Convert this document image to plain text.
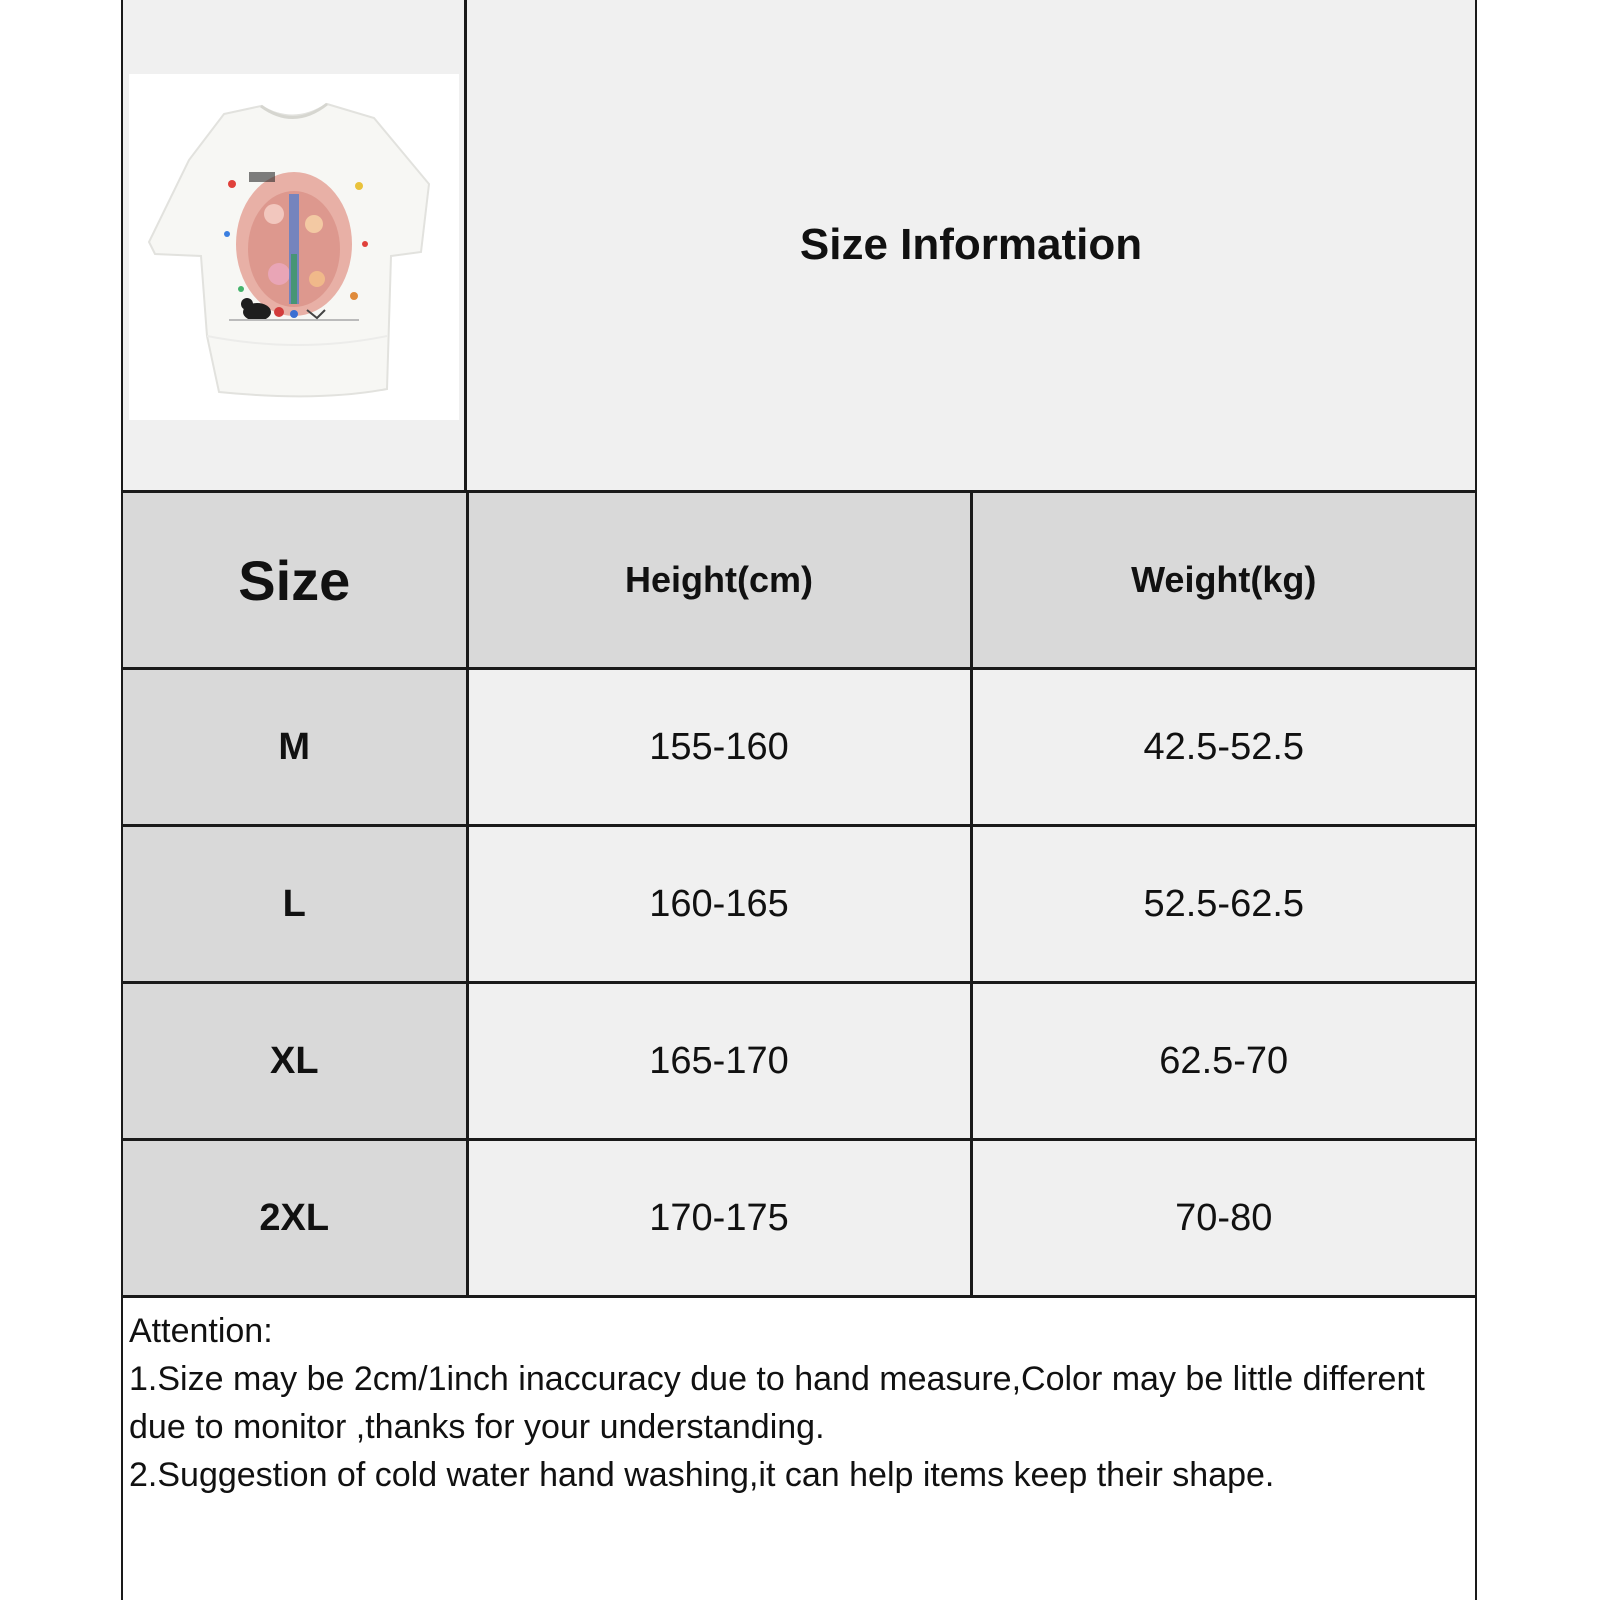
Size Information
Size	Height(cm)	Weight(kg)
M	155-160	42.5-52.5
L	160-165	52.5-62.5
XL	165-170	62.5-70
2XL	170-175	70-80
Attention:
1.Size may be 2cm/1inch inaccuracy due to hand measure,Color may be little different due to monitor ,thanks for your understanding.
2.Suggestion of cold water hand washing,it can help items keep their shape.
